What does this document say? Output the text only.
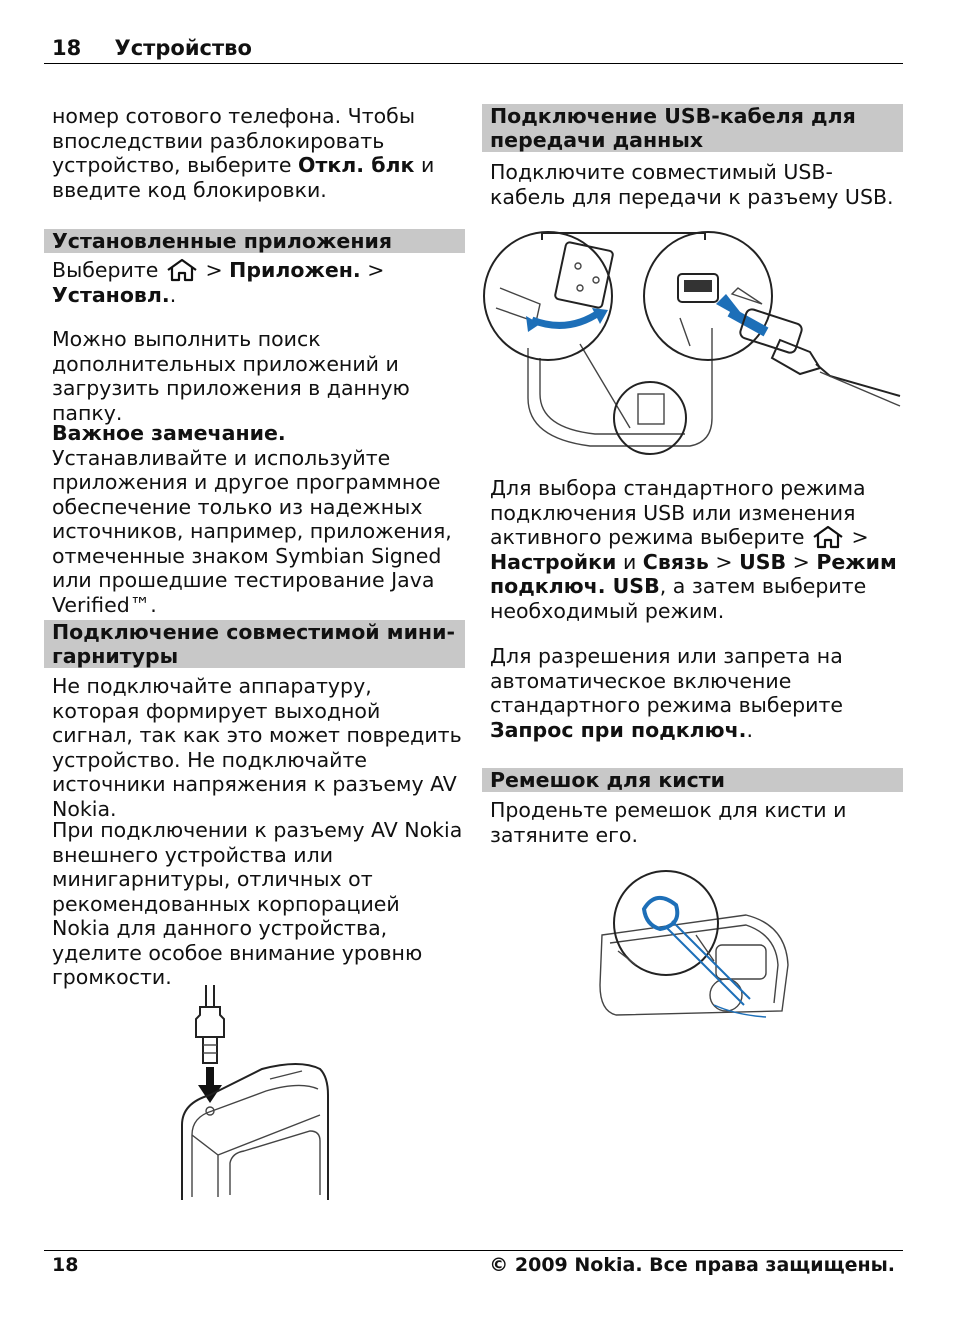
18 Устройство
номер сотового телефона. Чтобы
впоследствии разблокировать
устройство, выберите Откл. блк и
введите код блокировки.
Установленные приложения
Выберите  > Приложен. >
Установл..
Можно выполнить поиск дополнительных приложений и загрузить приложения в данную папку.
Важное замечание. Устанавливайте и используйте приложения и другое программное обеспечение только из надежных источников, например, приложения, отмеченные знаком Symbian Signed или прошедшие тестирование Java Verified™.
Подключение совместимой мини-гарнитуры
Не подключайте аппаратуру, которая формирует выходной сигнал, так как это может повредить устройство. Не подключайте источники напряжения к разъему AV Nokia.
При подключении к разъему AV Nokia внешнего устройства или минигарнитуры, отличных от рекомендованных корпорацией Nokia для данного устройства, уделите особое внимание уровню громкости.
Подключение USB-кабеля для передачи данных
Подключите совместимый USB-кабель для передачи к разъему USB.
Для выбора стандартного режима подключения USB или изменения активного режима выберите  > Настройки и Связь > USB > Режим подключ. USB, а затем выберите необходимый режим.
Для разрешения или запрета на автоматическое включение стандартного режима выберите Запрос при подключ..
Ремешок для кисти
Проденьте ремешок для кисти и затяните его.
18	© 2009 Nokia. Все права защищены.
